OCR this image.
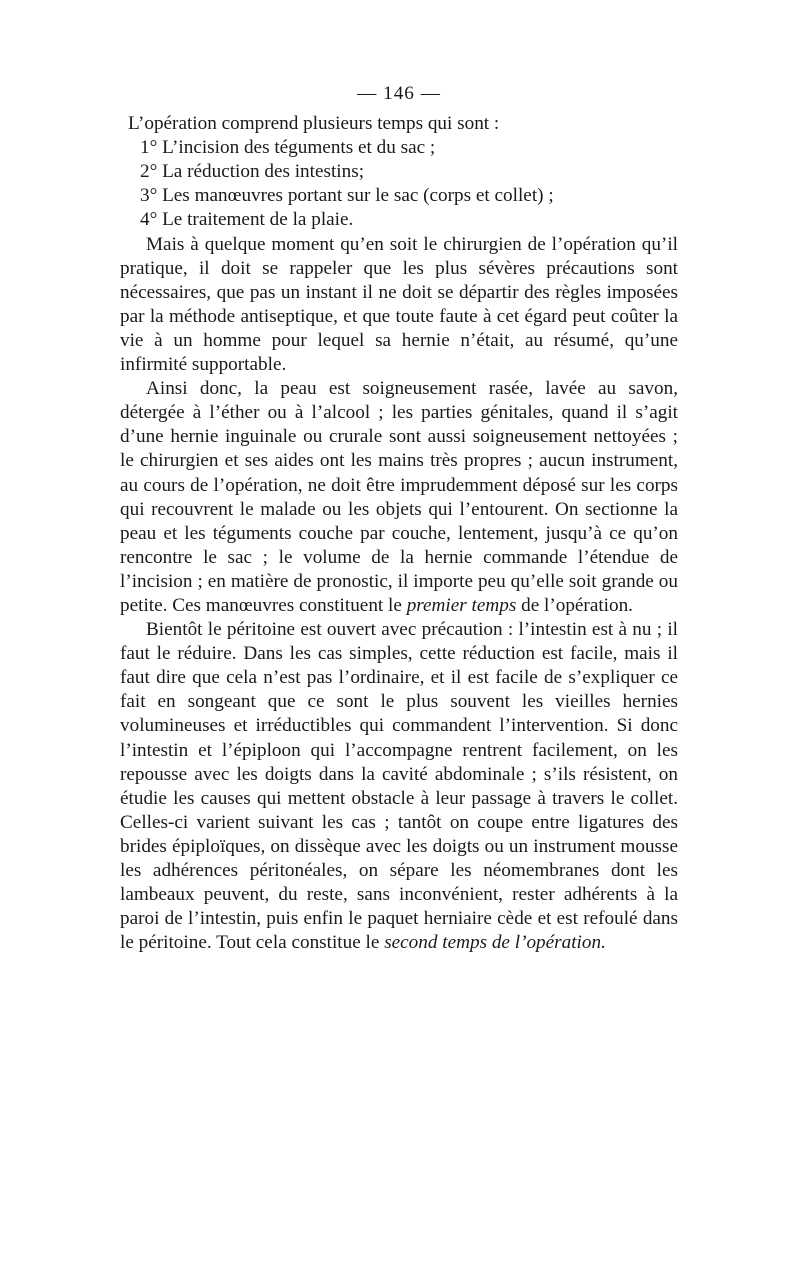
— 146 —

L’opération comprend plusieurs temps qui sont :

1° L’incision des téguments et du sac ;

2° La réduction des intestins;

3° Les manœuvres portant sur le sac (corps et collet) ;

4° Le traitement de la plaie.

Mais à quelque moment qu’en soit le chirurgien de l’opération qu’il pratique, il doit se rappeler que les plus sévères précautions sont nécessaires, que pas un instant il ne doit se départir des règles imposées par la méthode antiseptique, et que toute faute à cet égard peut coûter la vie à un homme pour lequel sa hernie n’était, au résumé, qu’une infirmité supportable.

Ainsi donc, la peau est soigneusement rasée, lavée au savon, détergée à l’éther ou à l’alcool ; les parties génitales, quand il s’agit d’une hernie inguinale ou crurale sont aussi soigneusement nettoyées ; le chirurgien et ses aides ont les mains très propres ; aucun instrument, au cours de l’opération, ne doit être imprudemment déposé sur les corps qui recouvrent le malade ou les objets qui l’entourent. On sectionne la peau et les téguments couche par couche, lentement, jusqu’à ce qu’on rencontre le sac ; le volume de la hernie commande l’étendue de l’incision ; en matière de pronostic, il importe peu qu’elle soit grande ou petite. Ces manœuvres constituent le premier temps de l’opération.

Bientôt le péritoine est ouvert avec précaution : l’intestin est à nu ; il faut le réduire. Dans les cas simples, cette réduction est facile, mais il faut dire que cela n’est pas l’ordinaire, et il est facile de s’expliquer ce fait en songeant que ce sont le plus souvent les vieilles hernies volumineuses et irréductibles qui commandent l’intervention. Si donc l’intestin et l’épiploon qui l’accompagne rentrent facilement, on les repousse avec les doigts dans la cavité abdominale ; s’ils résistent, on étudie les causes qui mettent obstacle à leur passage à travers le collet. Celles-ci varient suivant les cas ; tantôt on coupe entre ligatures des brides épiploïques, on dissèque avec les doigts ou un instrument mousse les adhérences péritonéales, on sépare les néomembranes dont les lambeaux peuvent, du reste, sans inconvénient, rester adhérents à la paroi de l’intestin, puis enfin le paquet herniaire cède et est refoulé dans le péritoine. Tout cela constitue le second temps de l’opération.
